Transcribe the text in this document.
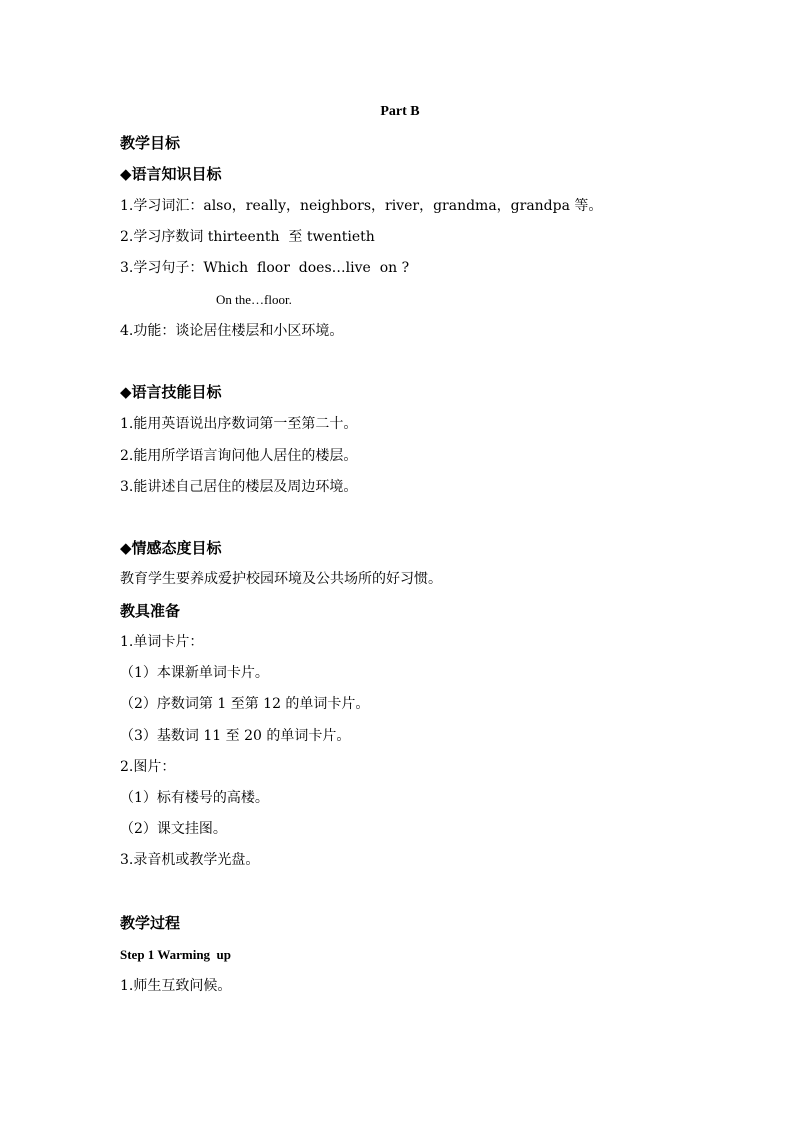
Part B
教学目标
◆语言知识目标
1.学习词汇：also，really，neighbors，river，grandma，grandpa 等。
2.学习序数词 thirteenth  至 twentieth
3.学习句子：Which  floor  does…live  on ?
On the…floor.
4.功能：谈论居住楼层和小区环境。
◆语言技能目标
1.能用英语说出序数词第一至第二十。
2.能用所学语言询问他人居住的楼层。
3.能讲述自己居住的楼层及周边环境。
◆情感态度目标
教育学生要养成爱护校园环境及公共场所的好习惯。
教具准备
1.单词卡片：
（1）本课新单词卡片。
（2）序数词第 1 至第 12 的单词卡片。
（3）基数词 11 至 20 的单词卡片。
2.图片：
（1）标有楼号的高楼。
（2）课文挂图。
3.录音机或教学光盘。
教学过程
Step 1 Warming  up
1.师生互致问候。
